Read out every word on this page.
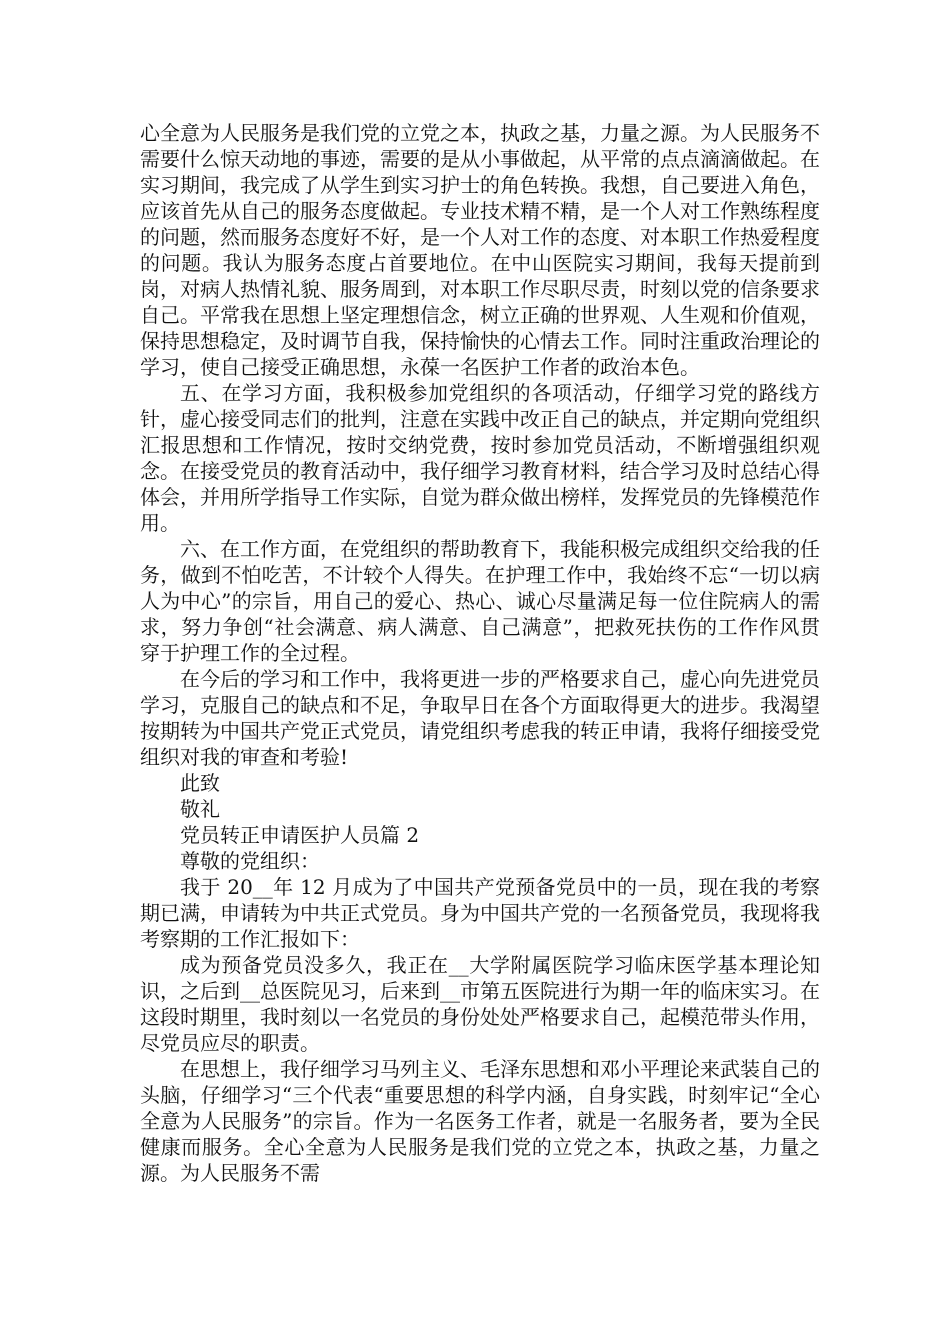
心全意为人民服务是我们党的立党之本，执政之基，力量之源。为人民服务不需要什么惊天动地的事迹，需要的是从小事做起，从平常的点点滴滴做起。在实习期间，我完成了从学生到实习护士的角色转换。我想，自己要进入角色，应该首先从自己的服务态度做起。专业技术精不精，是一个人对工作熟练程度的问题，然而服务态度好不好，是一个人对工作的态度、对本职工作热爱程度的问题。我认为服务态度占首要地位。在中山医院实习期间，我每天提前到岗，对病人热情礼貌、服务周到，对本职工作尽职尽责，时刻以党的信条要求自己。平常我在思想上坚定理想信念，树立正确的世界观、人生观和价值观，保持思想稳定，及时调节自我，保持愉快的心情去工作。同时注重政治理论的学习，使自己接受正确思想，永葆一名医护工作者的政治本色。

五、在学习方面，我积极参加党组织的各项活动，仔细学习党的路线方针，虚心接受同志们的批判，注意在实践中改正自己的缺点，并定期向党组织汇报思想和工作情况，按时交纳党费，按时参加党员活动，不断增强组织观念。在接受党员的教育活动中，我仔细学习教育材料，结合学习及时总结心得体会，并用所学指导工作实际，自觉为群众做出榜样，发挥党员的先锋模范作用。

六、在工作方面，在党组织的帮助教育下，我能积极完成组织交给我的任务，做到不怕吃苦，不计较个人得失。在护理工作中，我始终不忘“一切以病人为中心”的宗旨，用自己的爱心、热心、诚心尽量满足每一位住院病人的需求，努力争创“社会满意、病人满意、自己满意”，把救死扶伤的工作作风贯穿于护理工作的全过程。

在今后的学习和工作中，我将更进一步的严格要求自己，虚心向先进党员学习，克服自己的缺点和不足，争取早日在各个方面取得更大的进步。我渴望按期转为中国共产党正式党员，请党组织考虑我的转正申请，我将仔细接受党组织对我的审查和考验!

此致

敬礼

党员转正申请医护人员篇 2

尊敬的党组织：

我于 20__年 12 月成为了中国共产党预备党员中的一员，现在我的考察期已满，申请转为中共正式党员。身为中国共产党的一名预备党员，我现将我考察期的工作汇报如下：

成为预备党员没多久，我正在__大学附属医院学习临床医学基本理论知识，之后到__总医院见习，后来到__市第五医院进行为期一年的临床实习。在这段时期里，我时刻以一名党员的身份处处严格要求自己，起模范带头作用，尽党员应尽的职责。

在思想上，我仔细学习马列主义、毛泽东思想和邓小平理论来武装自己的头脑，仔细学习“三个代表“重要思想的科学内涵，自身实践，时刻牢记“全心全意为人民服务”的宗旨。作为一名医务工作者，就是一名服务者，要为全民健康而服务。全心全意为人民服务是我们党的立党之本，执政之基，力量之源。为人民服务不需
